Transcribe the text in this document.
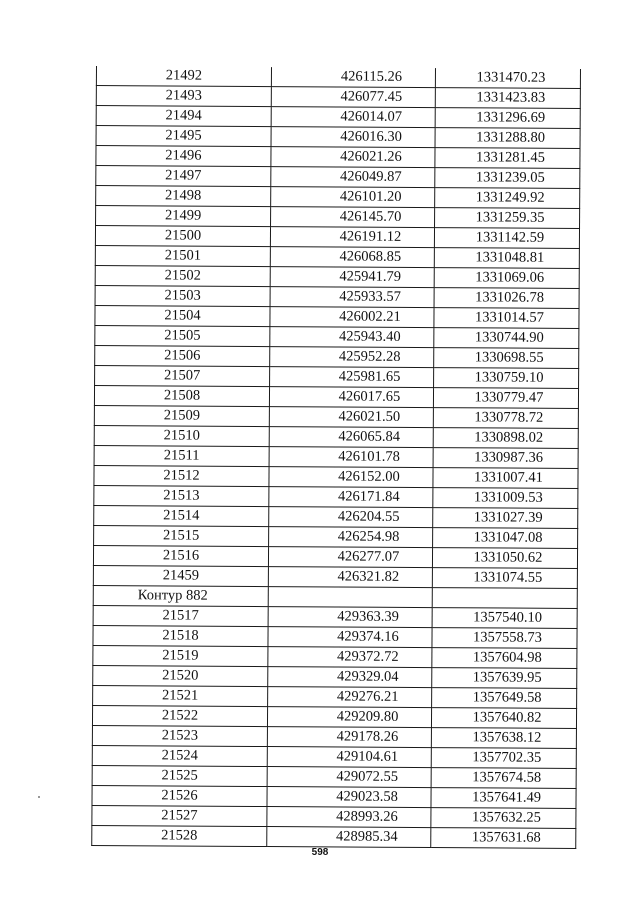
21492	426115.26	1331470.23
21493	426077.45	1331423.83
21494	426014.07	1331296.69
21495	426016.30	1331288.80
21496	426021.26	1331281.45
21497	426049.87	1331239.05
21498	426101.20	1331249.92
21499	426145.70	1331259.35
21500	426191.12	1331142.59
21501	426068.85	1331048.81
21502	425941.79	1331069.06
21503	425933.57	1331026.78
21504	426002.21	1331014.57
21505	425943.40	1330744.90
21506	425952.28	1330698.55
21507	425981.65	1330759.10
21508	426017.65	1330779.47
21509	426021.50	1330778.72
21510	426065.84	1330898.02
21511	426101.78	1330987.36
21512	426152.00	1331007.41
21513	426171.84	1331009.53
21514	426204.55	1331027.39
21515	426254.98	1331047.08
21516	426277.07	1331050.62
21459	426321.82	1331074.55
Контур 882		
21517	429363.39	1357540.10
21518	429374.16	1357558.73
21519	429372.72	1357604.98
21520	429329.04	1357639.95
21521	429276.21	1357649.58
21522	429209.80	1357640.82
21523	429178.26	1357638.12
21524	429104.61	1357702.35
21525	429072.55	1357674.58
21526	429023.58	1357641.49
21527	428993.26	1357632.25
21528	428985.34	1357631.68
598
